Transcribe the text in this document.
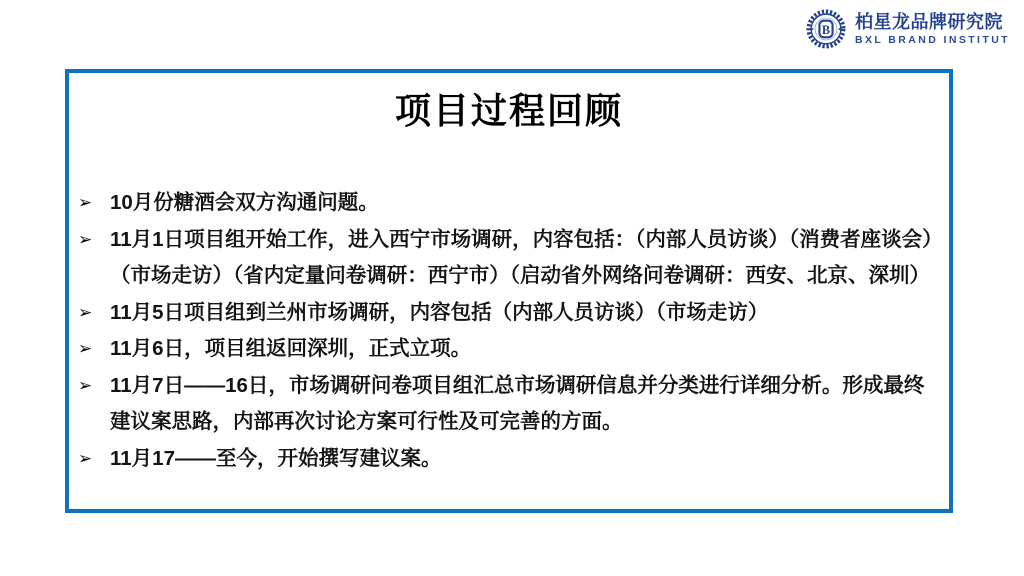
B 柏星龙品牌研究院
BXL BRAND INSTITUT
项目过程回顾
➢ 10月份糖酒会双方沟通问题。
➢ 11月1日项目组开始工作，进入西宁市场调研，内容包括：（内部人员访谈）（消费者座谈会）（市场走访）（省内定量问卷调研：西宁市）（启动省外网络问卷调研：西安、北京、深圳）
➢ 11月5日项目组到兰州市场调研，内容包括（内部人员访谈）（市场走访）
➢ 11月6日，项目组返回深圳，正式立项。
➢ 11月7日——16日，市场调研问卷项目组汇总市场调研信息并分类进行详细分析。形成最终建议案思路，内部再次讨论方案可行性及可完善的方面。
➢ 11月17——至今，开始撰写建议案。
